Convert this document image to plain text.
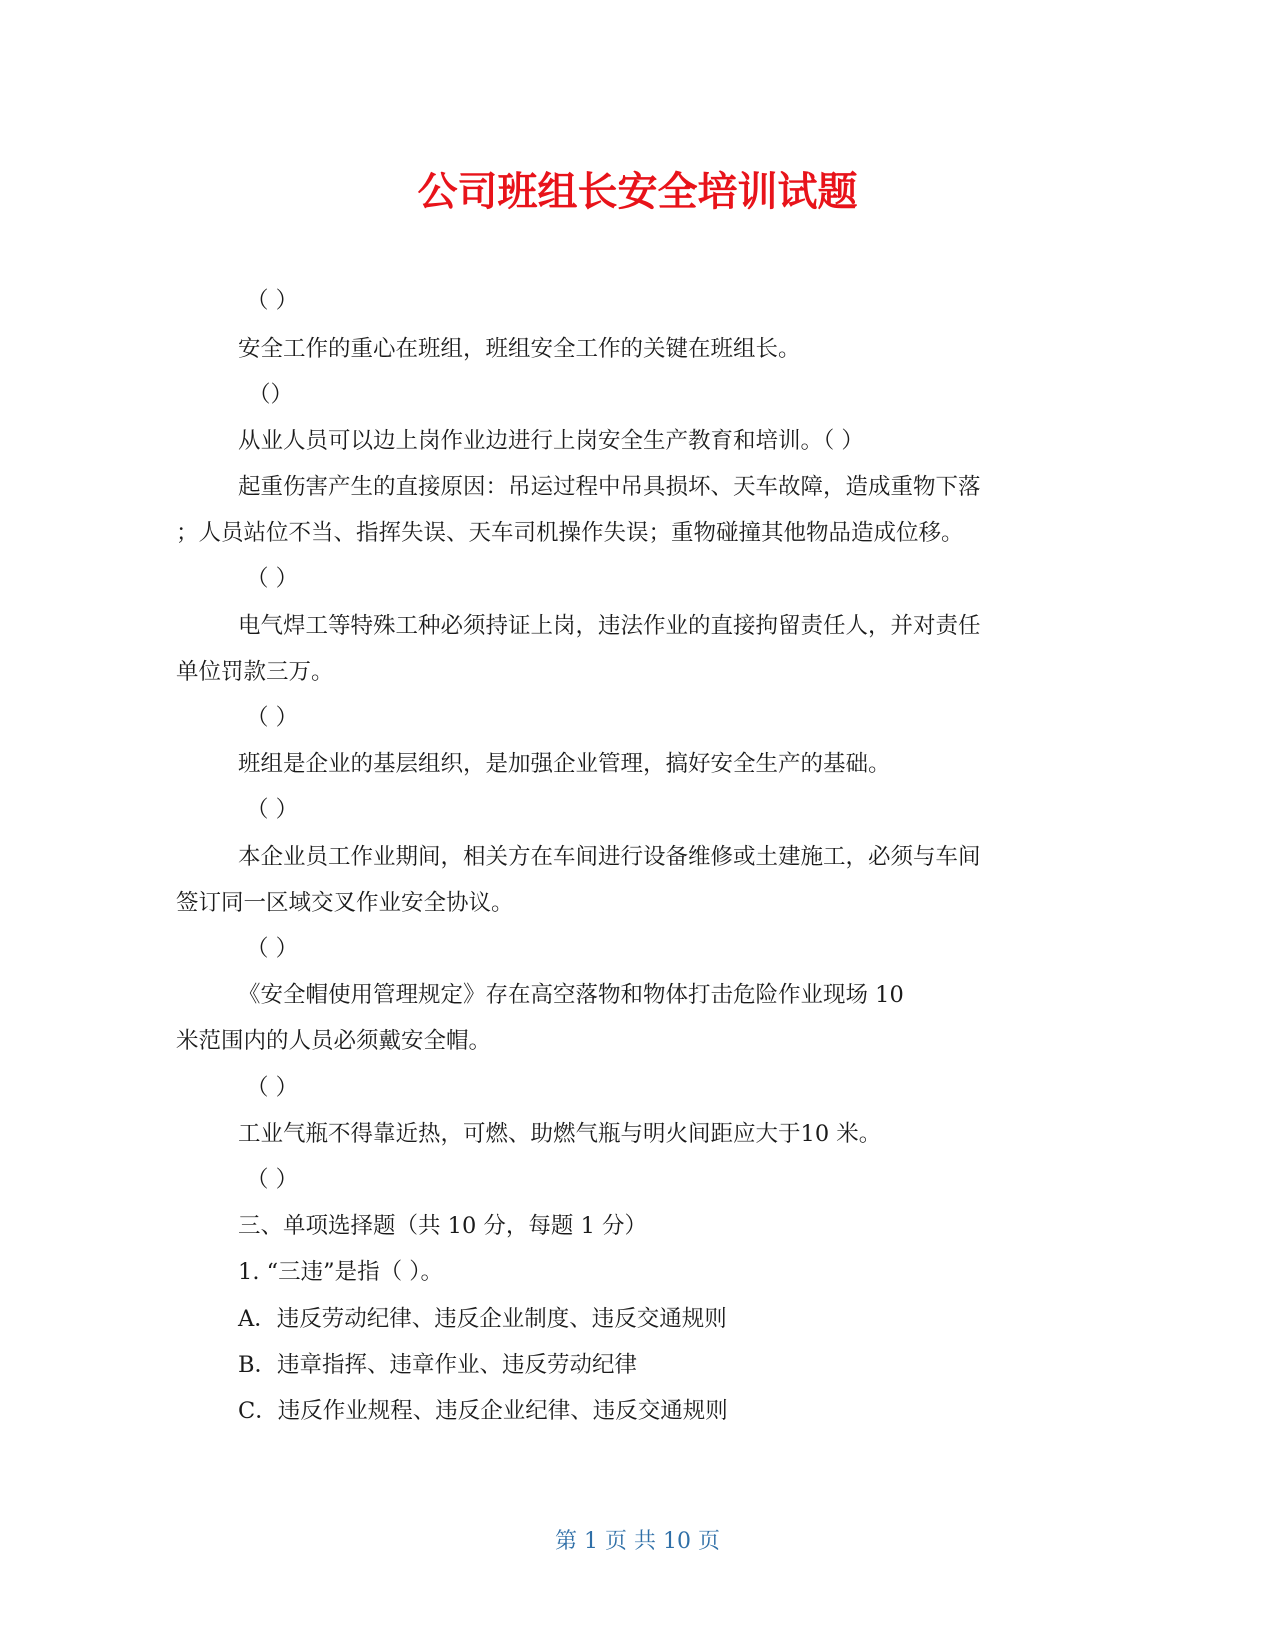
公司班组长安全培训试题
（ ）
安全工作的重心在班组，班组安全工作的关键在班组长。
（）
从业人员可以边上岗作业边进行上岗安全生产教育和培训。（ ）
起重伤害产生的直接原因：吊运过程中吊具损坏、天车故障，造成重物下落
；人员站位不当、指挥失误、天车司机操作失误；重物碰撞其他物品造成位移。
（ ）
电气焊工等特殊工种必须持证上岗，违法作业的直接拘留责任人，并对责任
单位罚款三万。
（ ）
班组是企业的基层组织，是加强企业管理，搞好安全生产的基础。
（ ）
本企业员工作业期间，相关方在车间进行设备维修或土建施工，必须与车间
签订同一区域交叉作业安全协议。
（ ）
《安全帽使用管理规定》存在高空落物和物体打击危险作业现场 10
米范围内的人员必须戴安全帽。
（ ）
工业气瓶不得靠近热，可燃、助燃气瓶与明火间距应大于10 米。
（ ）
三、单项选择题（共 10 分，每题 1 分）
1. “三违”是指（ ）。
A．违反劳动纪律、违反企业制度、违反交通规则
B．违章指挥、违章作业、违反劳动纪律
C．违反作业规程、违反企业纪律、违反交通规则
第 1 页 共 10 页
